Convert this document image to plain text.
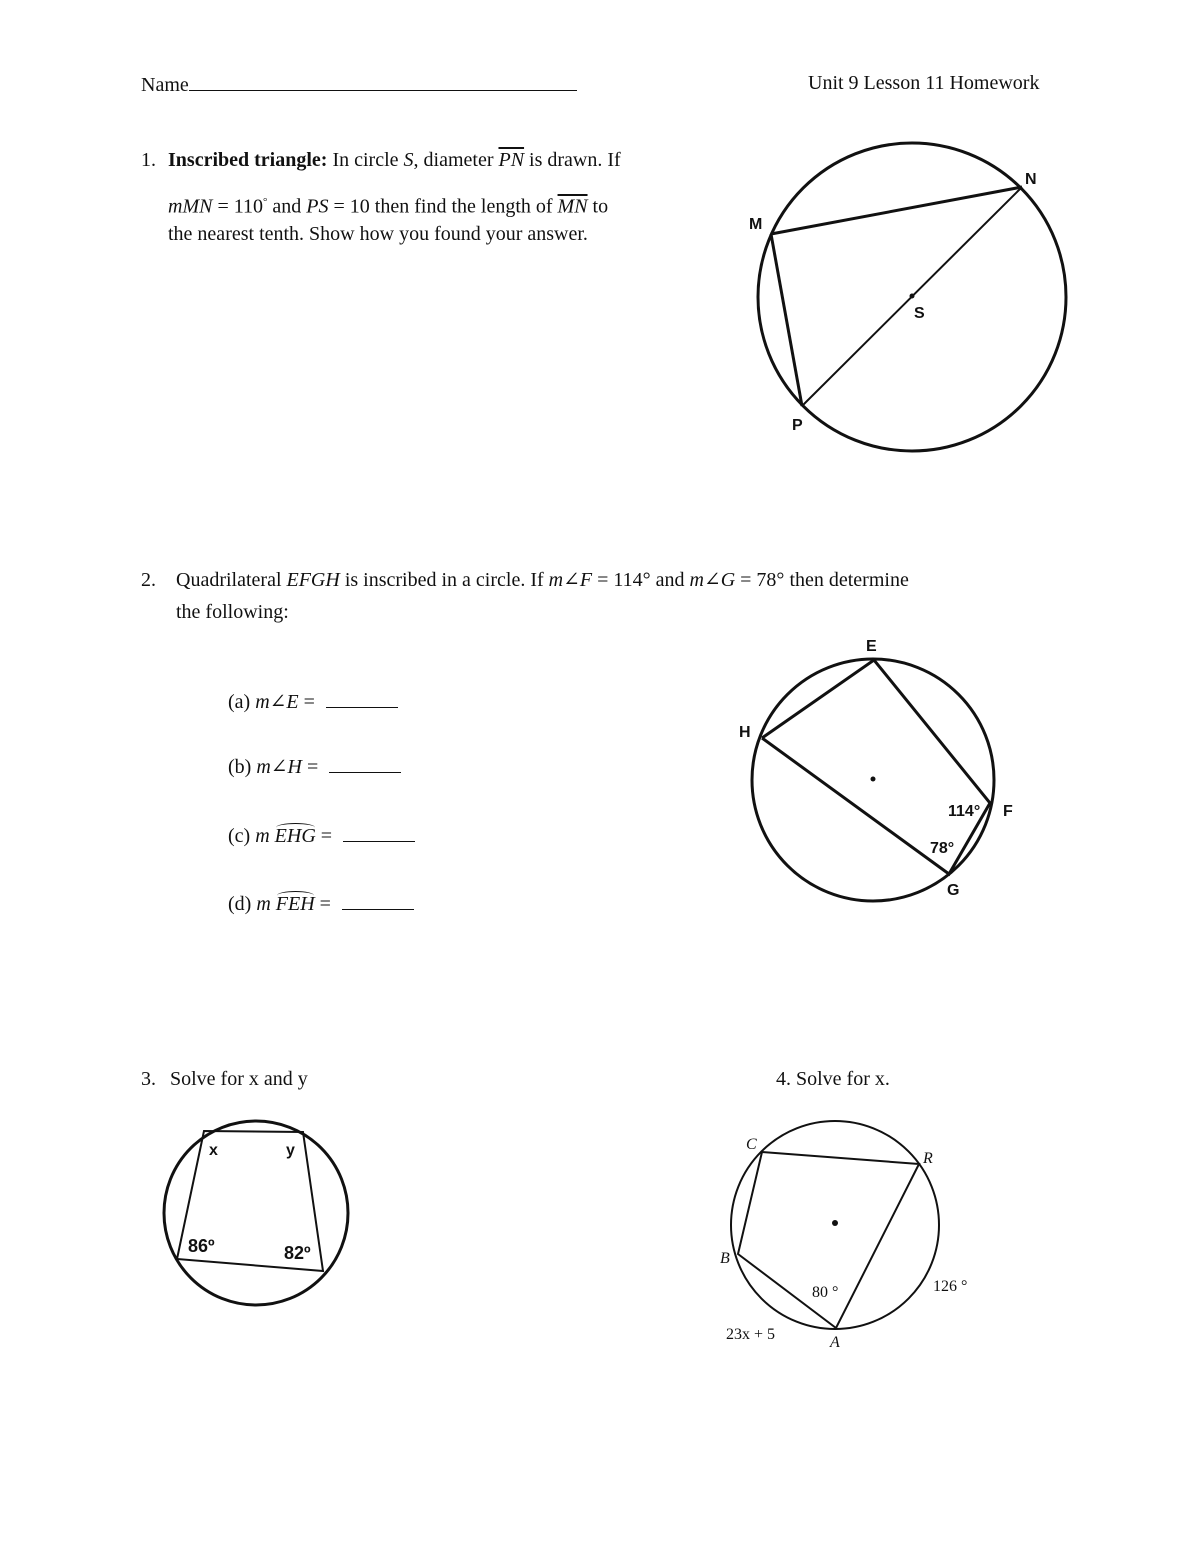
Name	Unit 9 Lesson 11 Homework
1. Inscribed triangle: In circle S, diameter $\overline{PN}$ is drawn. If
mMN = 110° and PS = 10 then find the length of $\overline{MN}$ to
the nearest tenth. Show how you found your answer.	M
N
S
P
2. Quadrilateral EFGH is inscribed in a circle. If m∠F = 114° and m∠G = 78° then determine
the following:
(a) m∠E =
(b) m∠H =
(c) m EHG
=
(d) m FEH
=
E
H
F
G
114°
78°
3. Solve for x and y
x	y
86º	82º
4. Solve for x.
C
R
B
A
80 °	126 °
23x + 5
